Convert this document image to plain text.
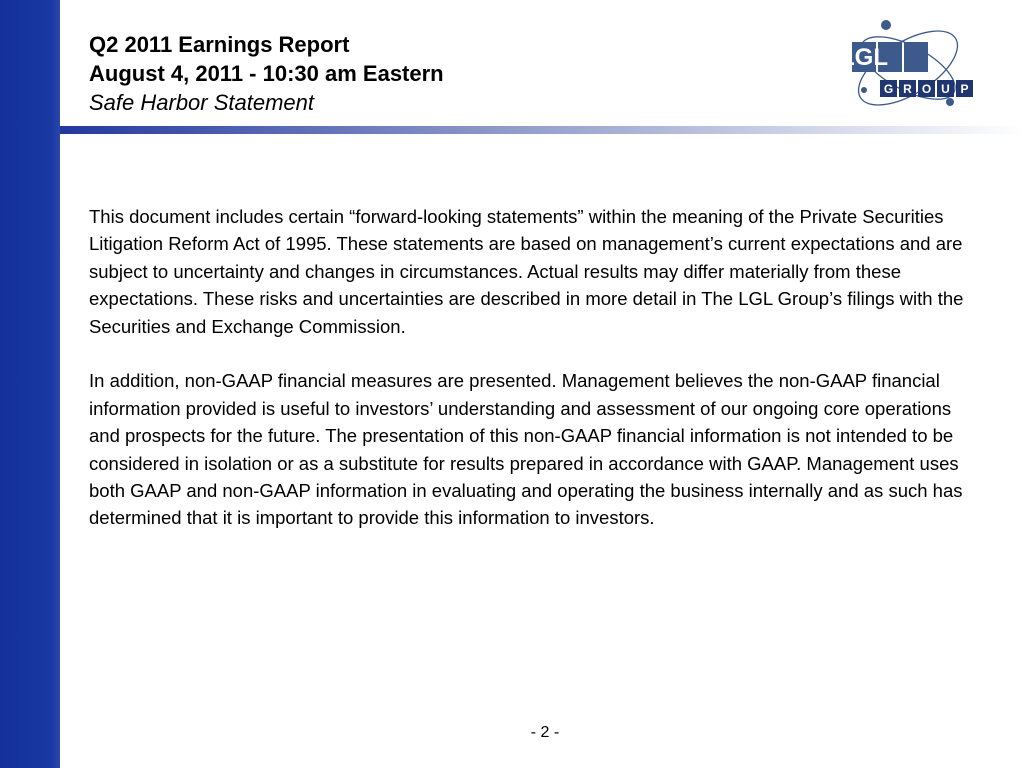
Q2 2011 Earnings Report
August 4, 2011 - 10:30 am Eastern
Safe Harbor Statement
LGL
G R O U P

This document includes certain “forward-looking statements” within the meaning of the Private Securities Litigation Reform Act of 1995. These statements are based on management’s current expectations and are subject to uncertainty and changes in circumstances. Actual results may differ materially from these expectations. These risks and uncertainties are described in more detail in The LGL Group’s filings with the Securities and Exchange Commission.

In addition, non-GAAP financial measures are presented. Management believes the non-GAAP financial information provided is useful to investors’ understanding and assessment of our ongoing core operations and prospects for the future. The presentation of this non-GAAP financial information is not intended to be considered in isolation or as a substitute for results prepared in accordance with GAAP. Management uses both GAAP and non-GAAP information in evaluating and operating the business internally and as such has determined that it is important to provide this information to investors.

- 2 -
